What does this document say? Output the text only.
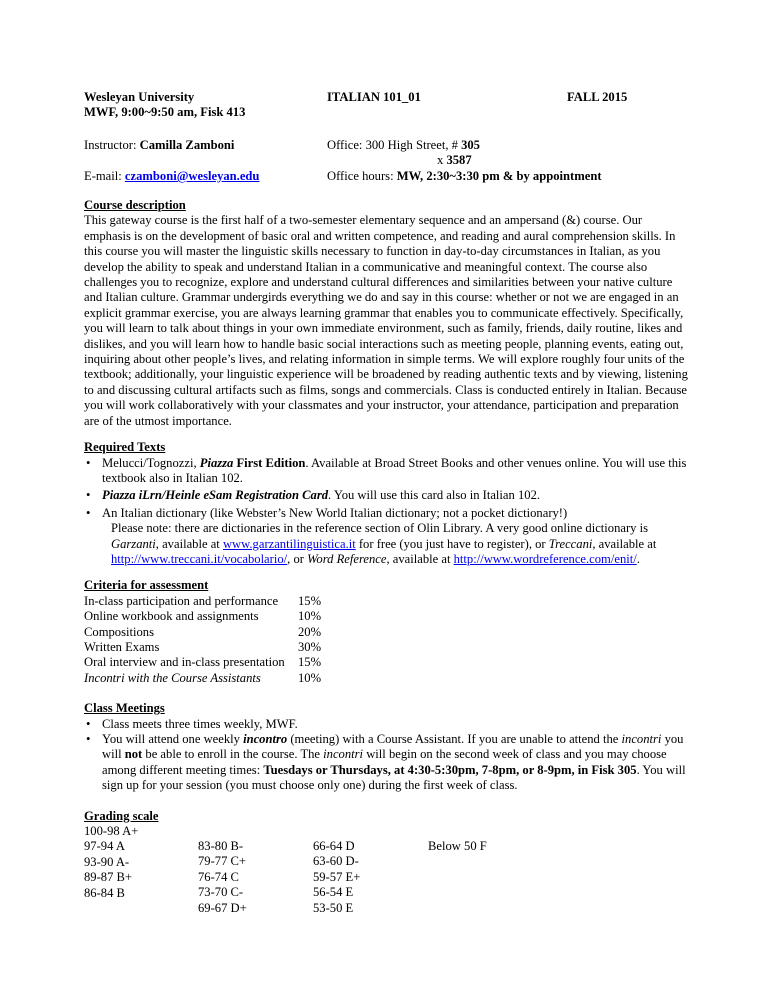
Wesleyan University
MWF, 9:00~9:50 am, Fisk 413
ITALIAN 101_01	FALL 2015
Instructor: Camilla Zamboni	Office: 300 High Street, # 305
x 3587
E-mail: czamboni@wesleyan.edu	Office hours: MW, 2:30~3:30 pm & by appointment
Course description

This gateway course is the first half of a two-semester elementary sequence and an ampersand (&) course. Our emphasis is on the development of basic oral and written competence, and reading and aural comprehension skills. In this course you will master the linguistic skills necessary to function in day-to-day circumstances in Italian, as you develop the ability to speak and understand Italian in a communicative and meaningful context. The course also challenges you to recognize, explore and understand cultural differences and similarities between your native culture and Italian culture. Grammar undergirds everything we do and say in this course: whether or not we are engaged in an explicit grammar exercise, you are always learning grammar that enables you to communicate effectively. Specifically, you will learn to talk about things in your own immediate environment, such as family, friends, daily routine, likes and dislikes, and you will learn how to handle basic social interactions such as meeting people, planning events, eating out, inquiring about other people’s lives, and relating information in simple terms. We will explore roughly four units of the textbook; additionally, your linguistic experience will be broadened by reading authentic texts and by viewing, listening to and discussing cultural artifacts such as films, songs and commercials. Class is conducted entirely in Italian. Because you will work collaboratively with your classmates and your instructor, your attendance, participation and preparation are of the utmost importance.

Required Texts
• Melucci/Tognozzi, Piazza First Edition. Available at Broad Street Books and other venues online. You will use this textbook also in Italian 102.
• Piazza iLrn/Heinle eSam Registration Card. You will use this card also in Italian 102.
• An Italian dictionary (like Webster’s New World Italian dictionary; not a pocket dictionary!)
Please note: there are dictionaries in the reference section of Olin Library. A very good online dictionary is Garzanti, available at www.garzantilinguistica.it for free (you just have to register), or Treccani, available at http://www.treccani.it/vocabolario/, or Word Reference, available at http://www.wordreference.com/enit/.
Criteria for assessment
In-class participation and performance	15%
Online workbook and assignments	10%
Compositions	20%
Written Exams	30%
Oral interview and in-class presentation	15%
Incontri with the Course Assistants	10%
Class Meetings
• Class meets three times weekly, MWF.
• You will attend one weekly incontro (meeting) with a Course Assistant. If you are unable to attend the incontri you will not be able to enroll in the course. The incontri will begin on the second week of class and you may choose among different meeting times: Tuesdays or Thursdays, at 4:30-5:30pm, 7-8pm, or 8-9pm, in Fisk 305. You will sign up for your session (you must choose only one) during the first week of class.
Grading scale
100-98 A+
97-94 A
93-90 A-
89-87 B+
86-84 B
83-80 B-
79-77 C+
76-74 C
73-70 C-
69-67 D+
66-64 D
63-60 D-
59-57 E+
56-54 E
53-50 E
Below 50 F
